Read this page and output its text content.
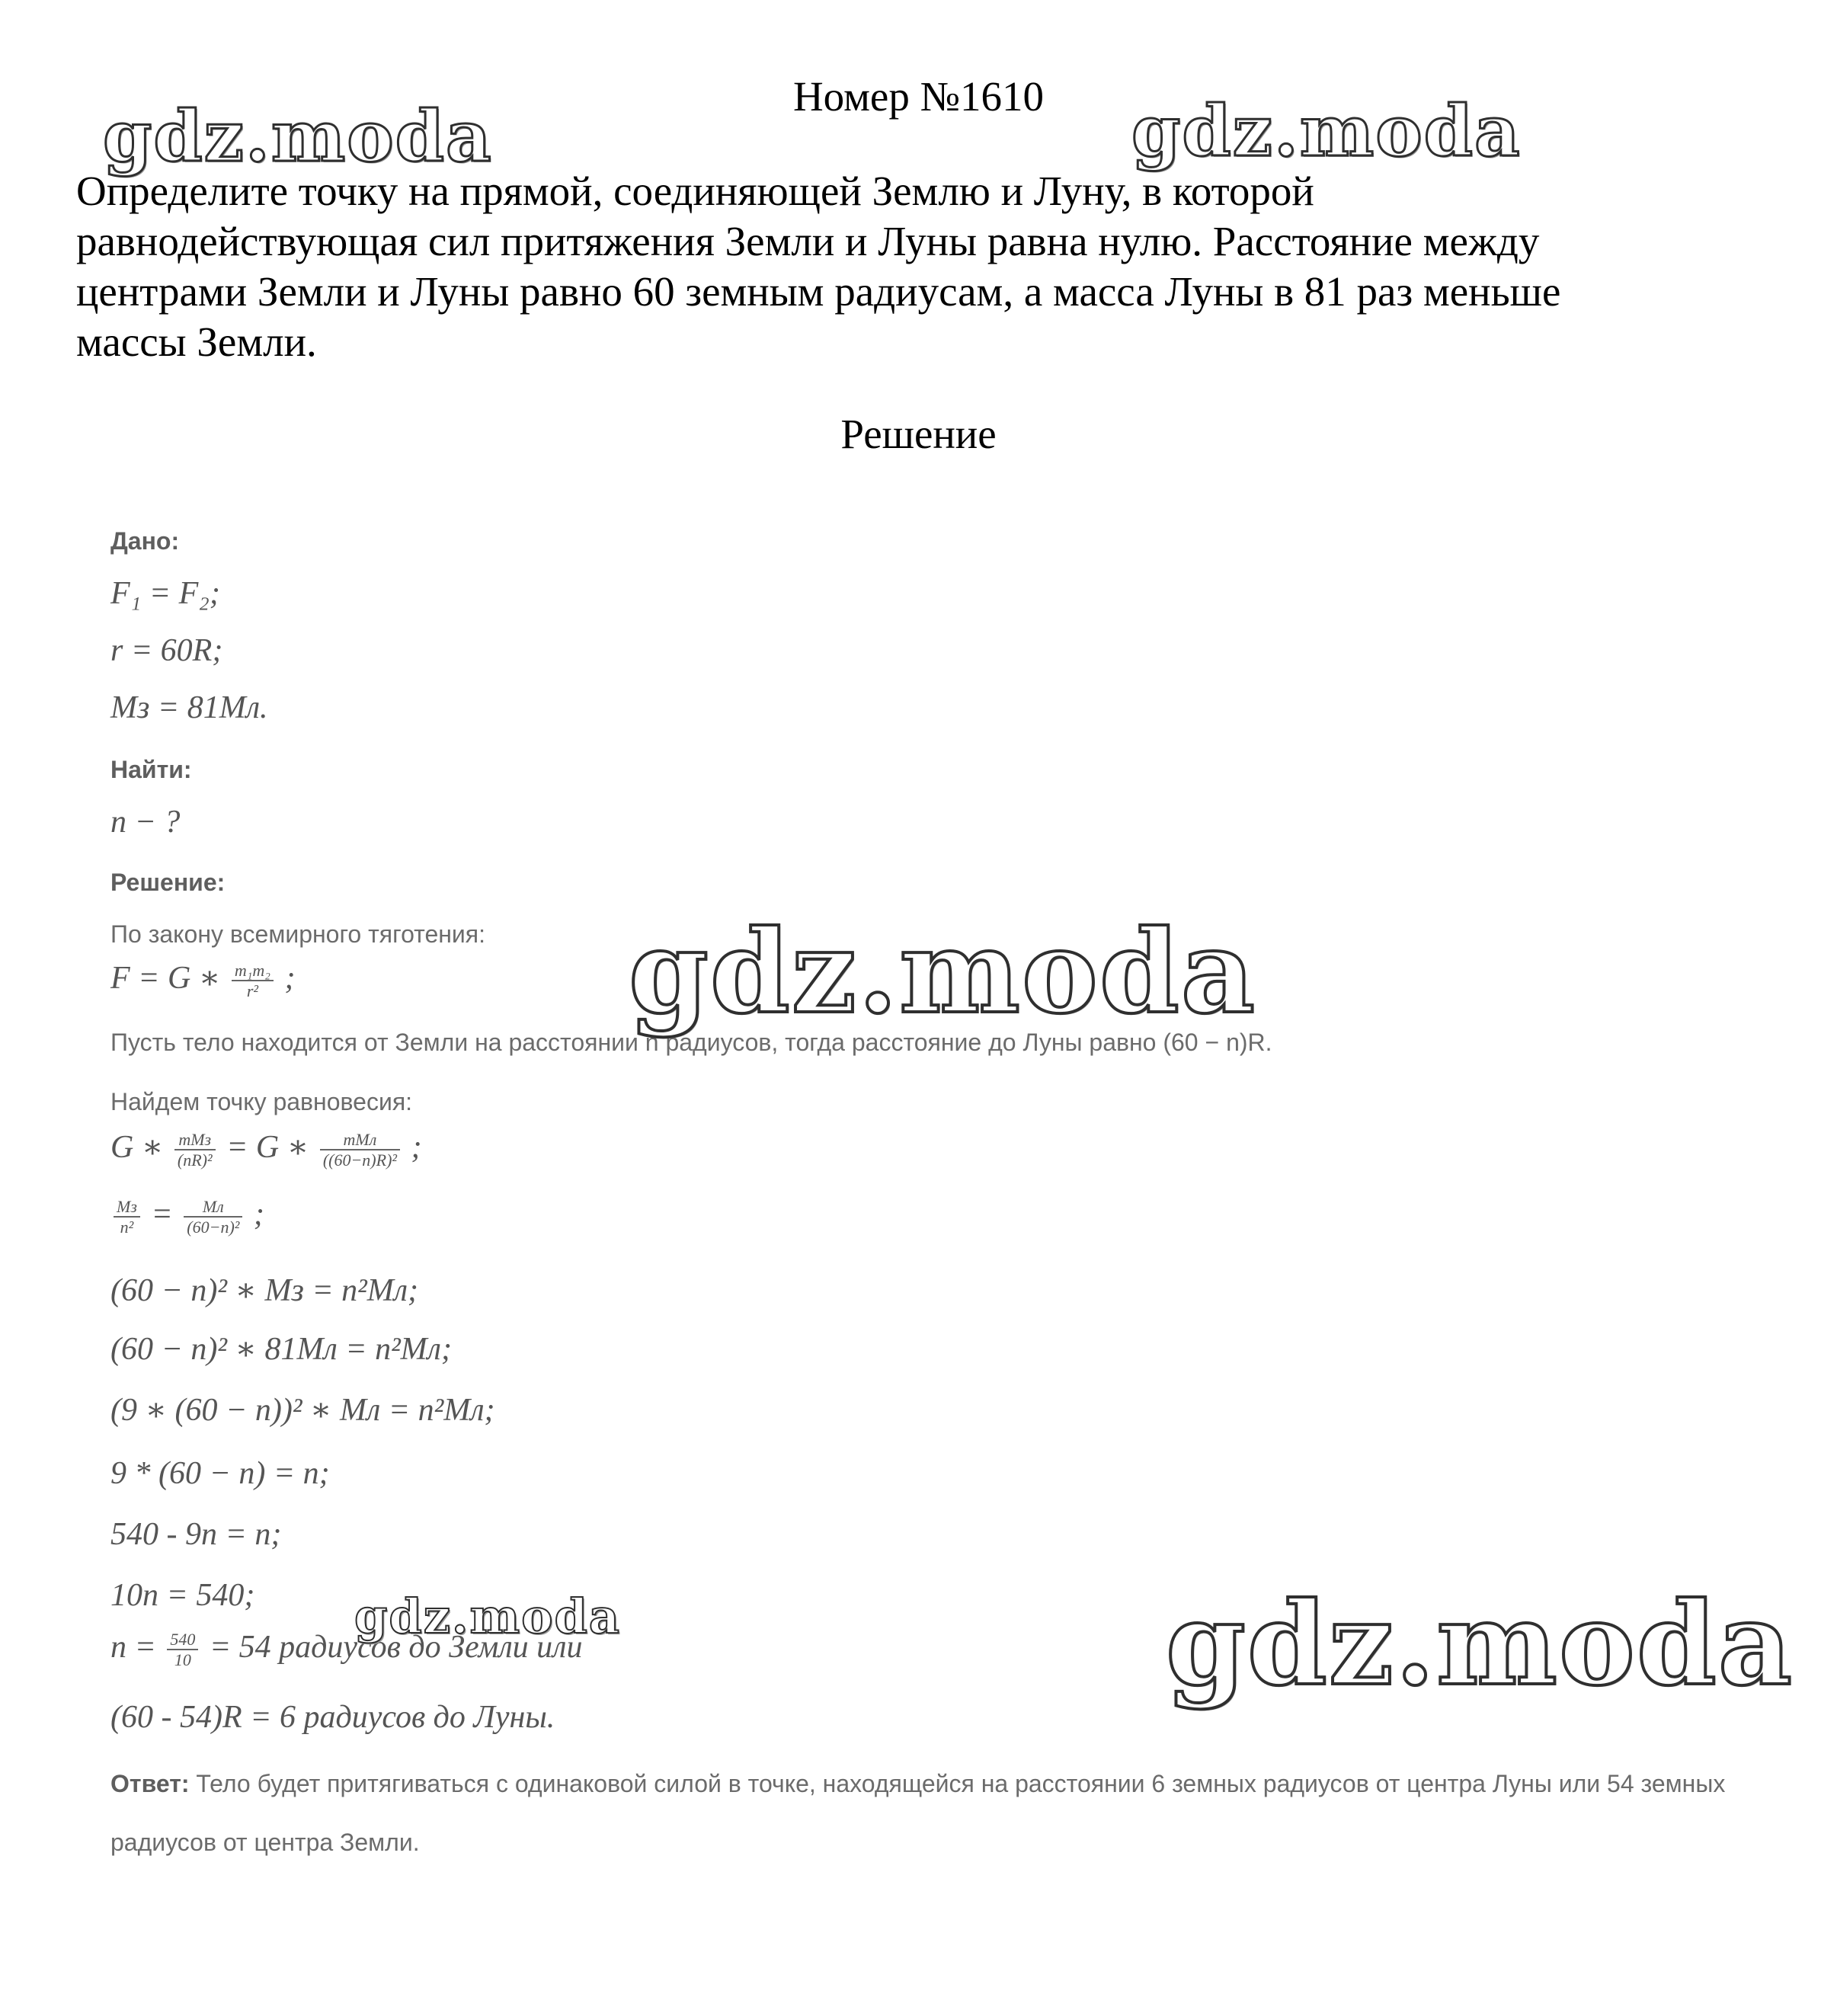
Номер №1610
Определите точку на прямой, соединяющей Землю и Луну, в которой
равнодействующая сил притяжения Земли и Луны равна нулю. Расстояние между
центрами Земли и Луны равно 60 земным радиусам, а масса Луны в 81 раз меньше
массы Земли.
Решение
Дано:
F₁ = F₂;
r = 60R;
Mз = 81Mл.
Найти:
n − ?
Решение:
По закону всемирного тяготения:
F = G ∗ $\frac{\text{m₁m₂}}{\text{r²}}$ ;
Пусть тело находится от Земли на расстоянии n радиусов, тогда расстояние до Луны равно (60 − n)R.
Найдем точку равновесия:
G ∗ $\frac{\text{mMз}}{\text{(nR)²}} = G$ ∗ $\frac{\text{mMл}}{\text{((60−n)R)²}}$ ;
$\frac{Mз}{\text{n²}} = \frac{Mл}{\text{(60−n)²}}$ ;
(60 − n)² ∗ Mз = n²Mл;
(60 − n)² ∗ 81Mл = n²Mл;
(9 ∗ (60 − n))² ∗ Mл = n²Mл;
9 * (60 − n) = n;
540 - 9n = n;
10n = 540;
$n = \frac{540}{10} = 54$ радиусов до Земли или
(60 - 54)R = 6 радиусов до Луны.
Ответ: Тело будет притягиваться с одинаковой силой в точке, находящейся на расстоянии 6 земных радиусов от центра Луны или 54 земных
радиусов от центра Земли.
gdz.moda	gdz.moda
gdz.moda
gdz.moda	gdz.moda
